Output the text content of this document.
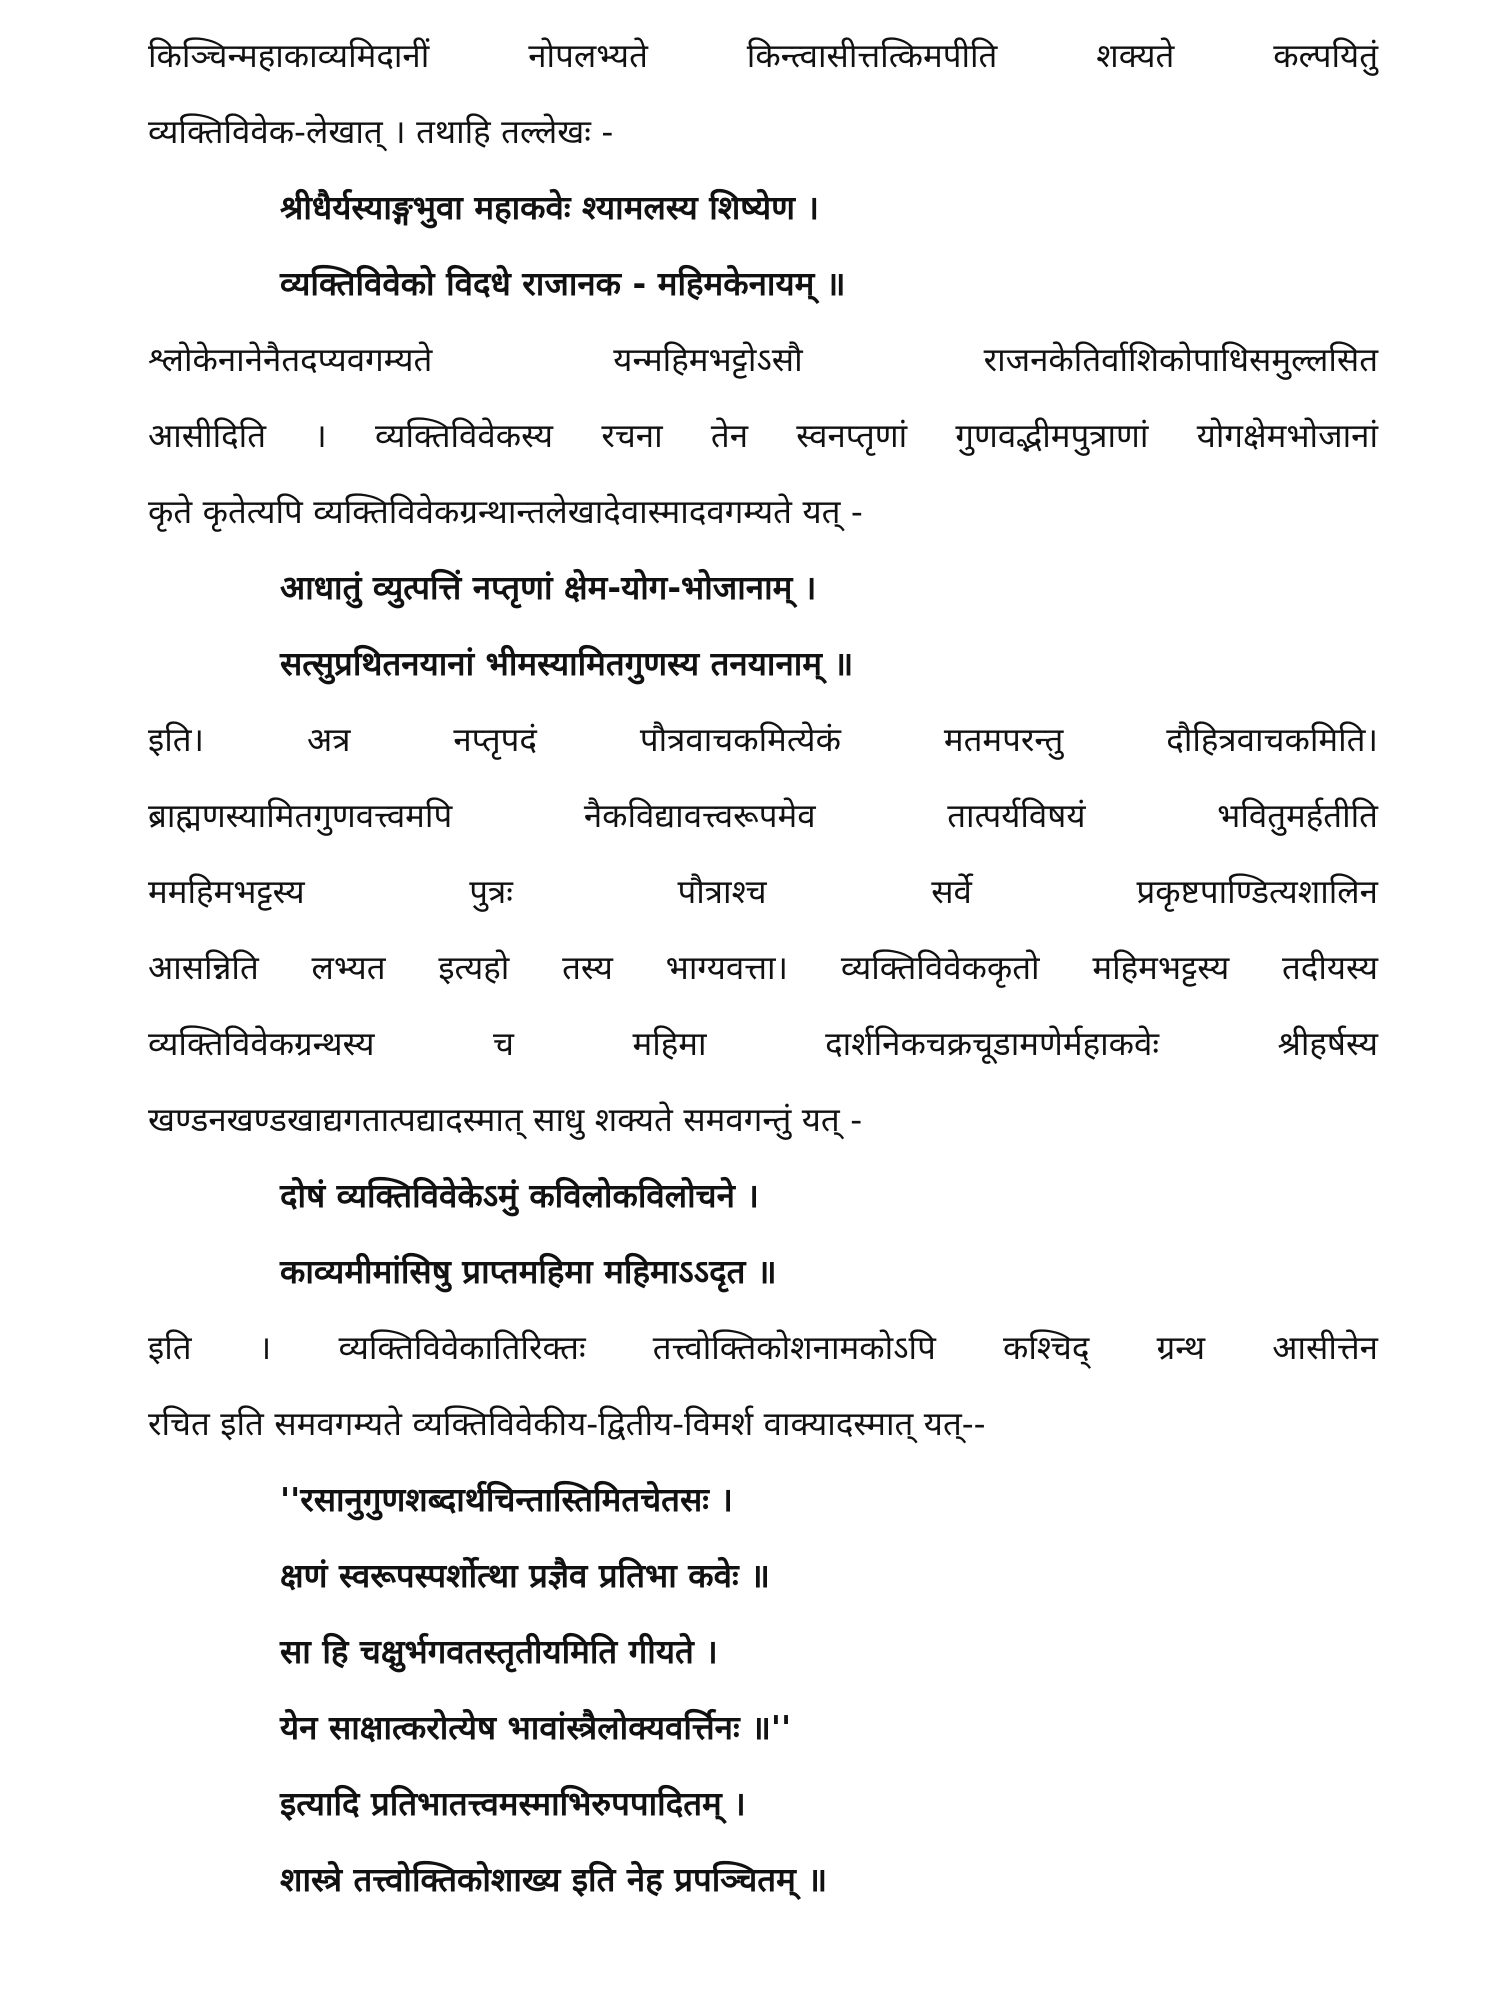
किञ्चिन्महाकाव्यमिदानीं नोपलभ्यते किन्त्वासीत्तत्किमपीति शक्यते कल्पयितुं
व्यक्तिविवेक-लेखात् । तथाहि तल्लेखः -
श्रीधैर्यस्याङ्गभुवा महाकवेः श्यामलस्य शिष्येण ।
व्यक्तिविवेको विदधे राजानक - महिमकेनायम् ॥
श्लोकेनानेनैतदप्यवगम्यते यन्महिमभट्टोऽसौ राजनकेतिर्वाशिकोपाधिसमुल्लसित
आसीदिति । व्यक्तिविवेकस्य रचना तेन स्वनप्तृणां गुणवद्भीमपुत्राणां योगक्षेमभोजानां
कृते कृतेत्यपि व्यक्तिविवेकग्रन्थान्तलेखादेवास्मादवगम्यते यत् -
आधातुं व्युत्पत्तिं नप्तृणां क्षेम-योग-भोजानाम् ।
सत्सुप्रथितनयानां भीमस्यामितगुणस्य तनयानाम् ॥
इति। अत्र नप्तृपदं पौत्रवाचकमित्येकं मतमपरन्तु दौहित्रवाचकमिति।
ब्राह्मणस्यामितगुणवत्त्वमपि नैकविद्यावत्त्वरूपमेव तात्पर्यविषयं भवितुमर्हतीति
ममहिमभट्टस्य पुत्रः पौत्राश्च सर्वे प्रकृष्टपाण्डित्यशालिन
आसन्निति लभ्यत इत्यहो तस्य भाग्यवत्ता। व्यक्तिविवेककृतो महिमभट्टस्य तदीयस्य
व्यक्तिविवेकग्रन्थस्य च महिमा दार्शनिकचक्रचूडामणेर्महाकवेः श्रीहर्षस्य
खण्डनखण्डखाद्यगतात्पद्यादस्मात् साधु शक्यते समवगन्तुं यत् -
दोषं व्यक्तिविवेकेऽमुं कविलोकविलोचने ।
काव्यमीमांसिषु प्राप्तमहिमा महिमाऽऽदृत ॥
इति । व्यक्तिविवेकातिरिक्तः तत्त्वोक्तिकोशनामकोऽपि कश्चिद् ग्रन्थ आसीत्तेन
रचित इति समवगम्यते व्यक्तिविवेकीय-द्वितीय-विमर्श वाक्यादस्मात् यत्--
''रसानुगुणशब्दार्थचिन्तास्तिमितचेतसः ।
क्षणं स्वरूपस्पर्शोत्था प्रज्ञैव प्रतिभा कवेः ॥
सा हि चक्षुर्भगवतस्तृतीयमिति गीयते ।
येन साक्षात्करोत्येष भावांस्त्रैलोक्यवर्त्तिनः ॥''
इत्यादि प्रतिभातत्त्वमस्माभिरुपपादितम् ।
शास्त्रे तत्त्वोक्तिकोशाख्य इति नेह प्रपञ्चितम् ॥
